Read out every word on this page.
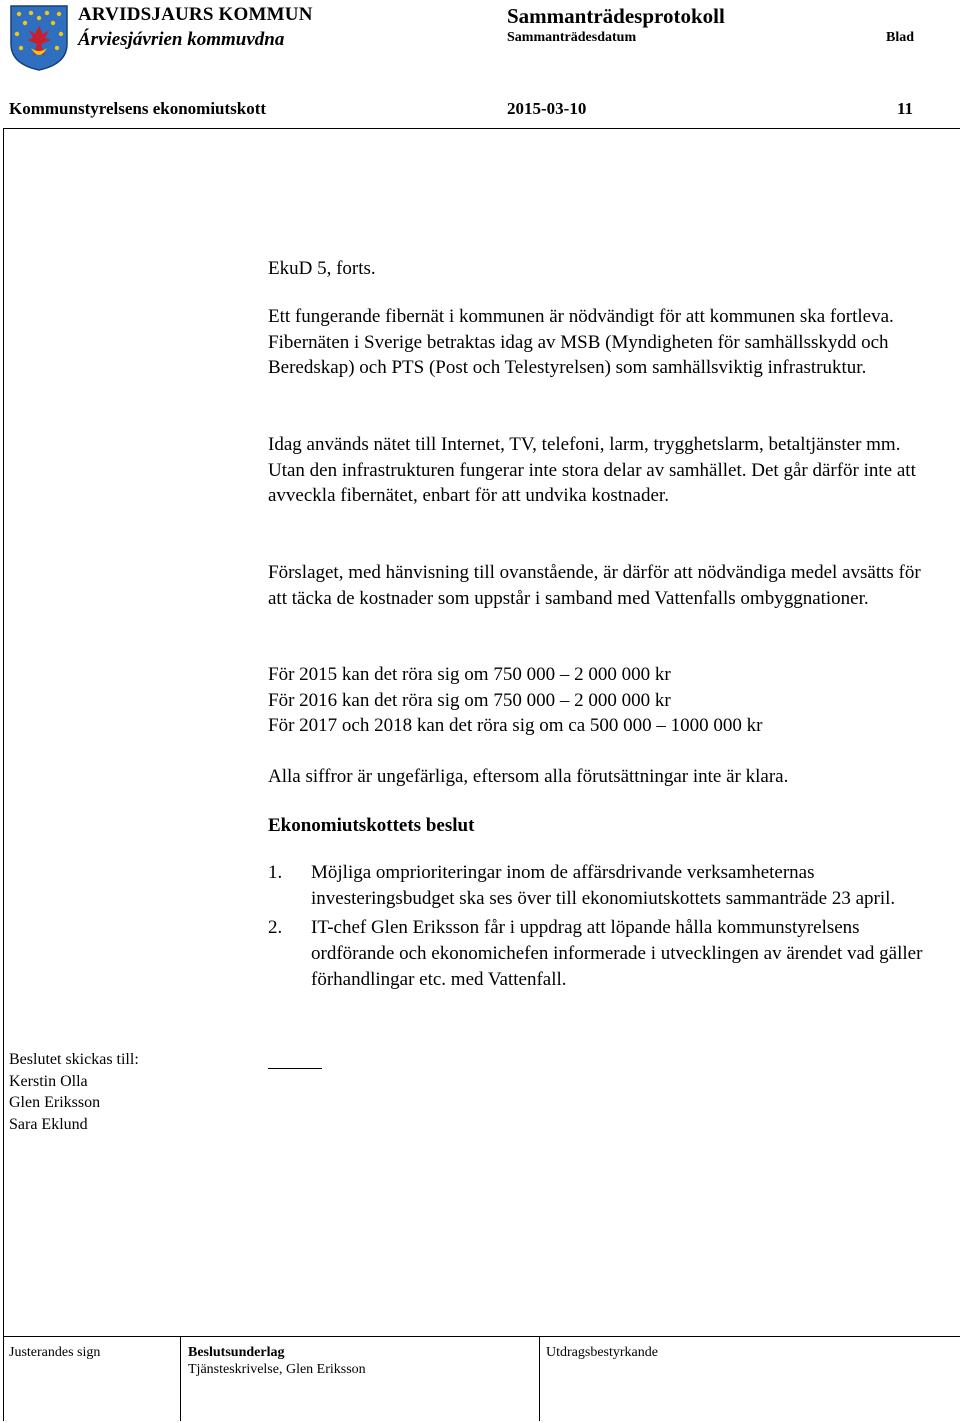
ARVIDSJAURS KOMMUN
Árviesjávrien kommuvdna
Sammanträdesprotokoll
Sammanträdesdatum	Blad
Kommunstyrelsens ekonomiutskott	2015-03-10	11
EkuD 5, forts.
Ett fungerande fibernät i kommunen är nödvändigt för att kommunen ska fortleva. Fibernäten i Sverige betraktas idag av MSB (Myndigheten för samhällsskydd och Beredskap) och PTS (Post och Telestyrelsen) som samhällsviktig infrastruktur.
Idag används nätet till Internet, TV, telefoni, larm, trygghetslarm, betaltjänster mm. Utan den infrastrukturen fungerar inte stora delar av samhället. Det går därför inte att avveckla fibernätet, enbart för att undvika kostnader.
Förslaget, med hänvisning till ovanstående, är därför att nödvändiga medel avsätts för att täcka de kostnader som uppstår i samband med Vattenfalls ombyggnationer.
För 2015 kan det röra sig om 750 000 – 2 000 000 kr
För 2016 kan det röra sig om 750 000 – 2 000 000 kr
För 2017 och 2018 kan det röra sig om ca 500 000 – 1000 000 kr
Alla siffror är ungefärliga, eftersom alla förutsättningar inte är klara.
Ekonomiutskottets beslut
1.	Möjliga omprioriteringar inom de affärsdrivande verksamheternas investeringsbudget ska ses över till ekonomiutskottets sammanträde 23 april.
2.	IT-chef Glen Eriksson får i uppdrag att löpande hålla kommunstyrelsens ordförande och ekonomichefen informerade i utvecklingen av ärendet vad gäller förhandlingar etc. med Vattenfall.
Beslutet skickas till:
Kerstin Olla
Glen Eriksson
Sara Eklund
Justerandes sign	Beslutsunderlag
Tjänsteskrivelse, Glen Eriksson
Utdragsbestyrkande
